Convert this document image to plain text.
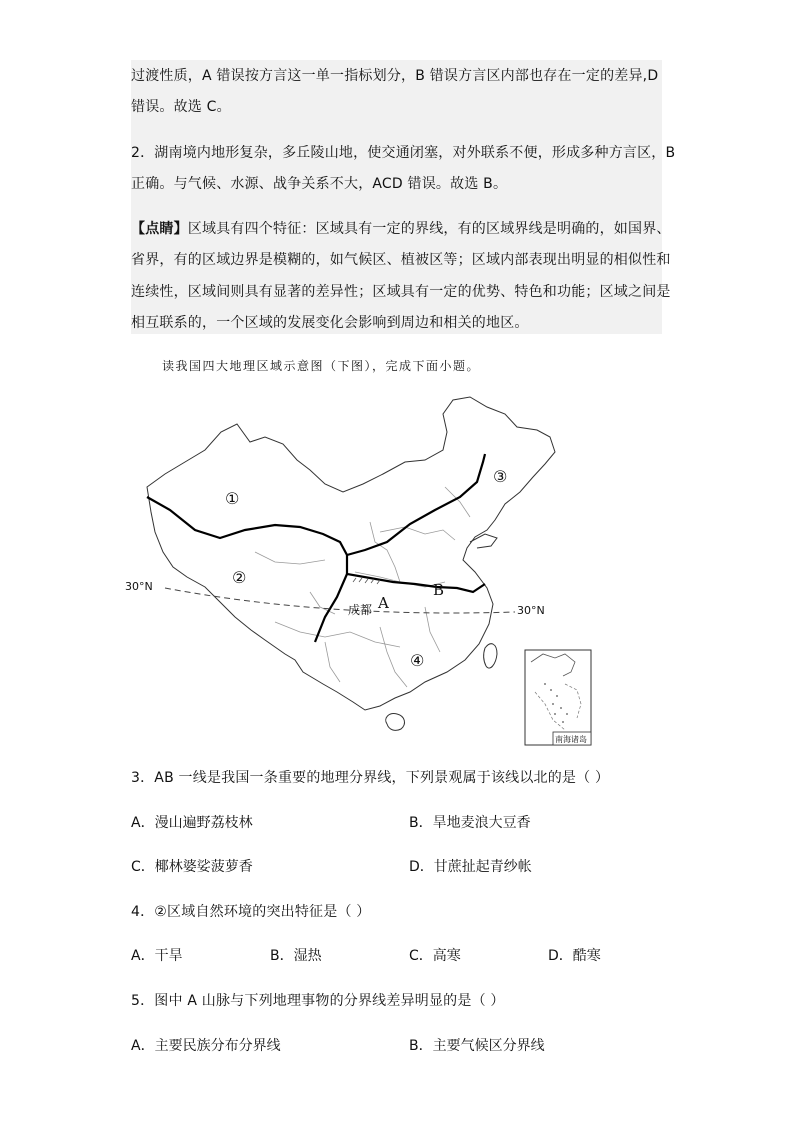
过渡性质，A 错误按方言这一单一指标划分，B 错误方言区内部也存在一定的差异,D
错误。故选 C。
2．湖南境内地形复杂，多丘陵山地，使交通闭塞，对外联系不便，形成多种方言区，B
正确。与气候、水源、战争关系不大，ACD 错误。故选 B。
【点睛】区域具有四个特征：区域具有一定的界线，有的区域界线是明确的，如国界、
省界，有的区域边界是模糊的，如气候区、植被区等；区域内部表现出明显的相似性和
连续性，区域间则具有显著的差异性；区域具有一定的优势、特色和功能；区域之间是
相互联系的，一个区域的发展变化会影响到周边和相关的地区。
读我国四大地理区域示意图（下图），完成下面小题。
①
②
③
④
A
B
成都
30°N
30°N
南海诸岛
3．AB 一线是我国一条重要的地理分界线，下列景观属于该线以北的是（ ）
A．漫山遍野荔枝林	B．旱地麦浪大豆香
C．椰林婆娑菠萝香	D．甘蔗扯起青纱帐
4．②区域自然环境的突出特征是（ ）
A．干旱	B．湿热	C．高寒	D．酷寒
5．图中 A 山脉与下列地理事物的分界线差异明显的是（ ）
A．主要民族分布分界线	B．主要气候区分界线
